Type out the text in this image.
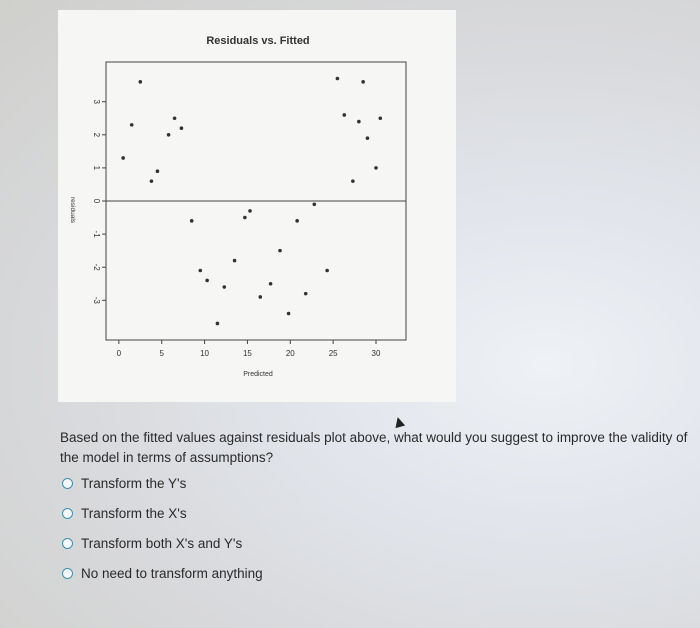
Residuals vs. Fitted
0	5	10	15	20	25	30
-3
-2
-1
0
1
2
3
Predicted
residuals
Based on the fitted values against residuals plot above, what would you suggest to improve the validity of the model in terms of assumptions?
Transform the Y's
Transform the X's
Transform both X's and Y's
No need to transform anything
